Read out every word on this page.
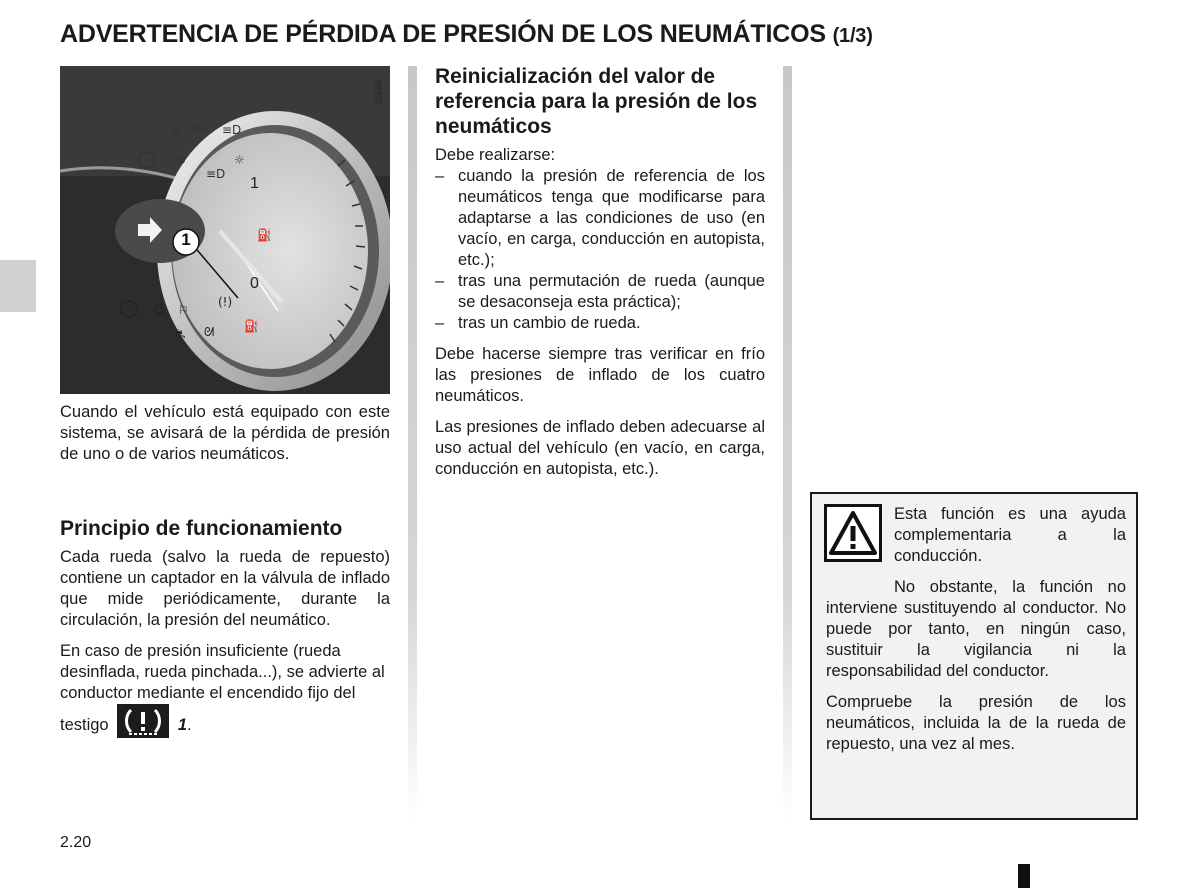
ADVERTENCIA DE PÉRDIDA DE PRESIÓN DE LOS NEUMÁTICOS (1/3)
1
0
⚙ ≡D ≡D
⊕
≡D
☼
⛽
☺ ⚐
(!)
⛐ ᘛ ⛽
1
35569

Cuando el vehículo está equipado con este sistema, se avisará de la pérdida de presión de uno o de varios neumáticos.

Principio de funcionamiento

Cada rueda (salvo la rueda de repuesto) contiene un captador en la válvula de inflado que mide periódicamente, durante la circulación, la presión del neumático.

En caso de presión insuficiente (rueda desinflada, rueda pinchada...), se advierte al conductor mediante el encendido fijo del testigo	1.

Reinicialización del valor de referencia para la presión de los neumáticos

Debe realizarse:

– cuando la presión de referencia de los neumáticos tenga que modificarse para adaptarse a las condiciones de uso (en vacío, en carga, conducción en autopista, etc.);
– tras una permutación de rueda (aunque se desaconseja esta práctica);
– tras un cambio de rueda.

Debe hacerse siempre tras verificar en frío las presiones de inflado de los cuatro neumáticos.

Las presiones de inflado deben adecuarse al uso actual del vehículo (en vacío, en carga, conducción en autopista, etc.).

Esta función es una ayuda complementaria a la conducción.

No obstante, la función no interviene sustituyendo al conductor. No puede por tanto, en ningún caso, sustituir la vigilancia ni la responsabilidad del conductor.

Compruebe la presión de los neumáticos, incluida la de la rueda de repuesto, una vez al mes.

2.20
